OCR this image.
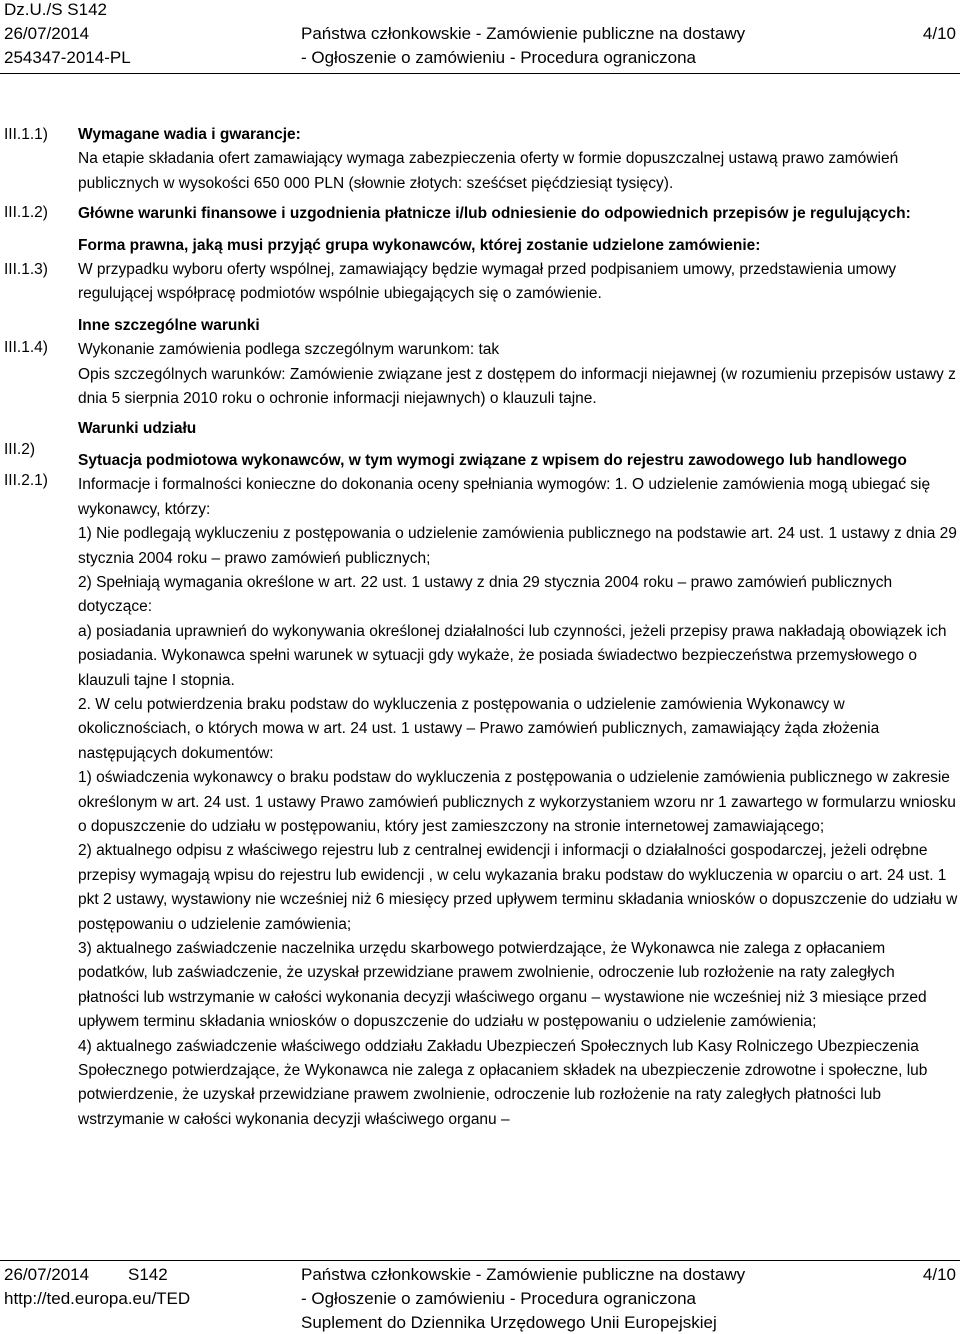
Dz.U./S S142
26/07/2014
254347-2014-PL
Państwa członkowskie - Zamówienie publiczne na dostawy
- Ogłoszenie o zamówieniu - Procedura ograniczona
4/10
III.1.1)
III.1.2)
III.1.3)
III.1.4)
III.2)
III.2.1)

Wymagane wadia i gwarancje:

Na etapie składania ofert zamawiający wymaga zabezpieczenia oferty w formie dopuszczalnej ustawą prawo zamówień publicznych w wysokości 650 000 PLN (słownie złotych: sześćset pięćdziesiąt tysięcy).

Główne warunki finansowe i uzgodnienia płatnicze i/lub odniesienie do odpowiednich przepisów je regulujących:

Forma prawna, jaką musi przyjąć grupa wykonawców, której zostanie udzielone zamówienie:

W przypadku wyboru oferty wspólnej, zamawiający będzie wymagał przed podpisaniem umowy, przedstawienia umowy regulującej współpracę podmiotów wspólnie ubiegających się o zamówienie.

Inne szczególne warunki

Wykonanie zamówienia podlega szczególnym warunkom: tak

Opis szczególnych warunków: Zamówienie związane jest z dostępem do informacji niejawnej (w rozumieniu przepisów ustawy z dnia 5 sierpnia 2010 roku o ochronie informacji niejawnych) o klauzuli tajne.

Warunki udziału

Sytuacja podmiotowa wykonawców, w tym wymogi związane z wpisem do rejestru zawodowego lub handlowego

Informacje i formalności konieczne do dokonania oceny spełniania wymogów: 1. O udzielenie zamówienia mogą ubiegać się wykonawcy, którzy:

1) Nie podlegają wykluczeniu z postępowania o udzielenie zamówienia publicznego na podstawie art. 24 ust. 1 ustawy z dnia 29 stycznia 2004 roku – prawo zamówień publicznych;

2) Spełniają wymagania określone w art. 22 ust. 1 ustawy z dnia 29 stycznia 2004 roku – prawo zamówień publicznych dotyczące:

a) posiadania uprawnień do wykonywania określonej działalności lub czynności, jeżeli przepisy prawa nakładają obowiązek ich posiadania. Wykonawca spełni warunek w sytuacji gdy wykaże, że posiada świadectwo bezpieczeństwa przemysłowego o klauzuli tajne I stopnia.

2. W celu potwierdzenia braku podstaw do wykluczenia z postępowania o udzielenie zamówienia Wykonawcy w okolicznościach, o których mowa w art. 24 ust. 1 ustawy – Prawo zamówień publicznych, zamawiający żąda złożenia następujących dokumentów:

1) oświadczenia wykonawcy o braku podstaw do wykluczenia z postępowania o udzielenie zamówienia publicznego w zakresie określonym w art. 24 ust. 1 ustawy Prawo zamówień publicznych z wykorzystaniem wzoru nr 1 zawartego w formularzu wniosku o dopuszczenie do udziału w postępowaniu, który jest zamieszczony na stronie internetowej zamawiającego;

2) aktualnego odpisu z właściwego rejestru lub z centralnej ewidencji i informacji o działalności gospodarczej, jeżeli odrębne przepisy wymagają wpisu do rejestru lub ewidencji , w celu wykazania braku podstaw do wykluczenia w oparciu o art. 24 ust. 1 pkt 2 ustawy, wystawiony nie wcześniej niż 6 miesięcy przed upływem terminu składania wniosków o dopuszczenie do udziału w postępowaniu o udzielenie zamówienia;

3) aktualnego zaświadczenie naczelnika urzędu skarbowego potwierdzające, że Wykonawca nie zalega z opłacaniem podatków, lub zaświadczenie, że uzyskał przewidziane prawem zwolnienie, odroczenie lub rozłożenie na raty zaległych płatności lub wstrzymanie w całości wykonania decyzji właściwego organu – wystawione nie wcześniej niż 3 miesiące przed upływem terminu składania wniosków o dopuszczenie do udziału w postępowaniu o udzielenie zamówienia;

4) aktualnego zaświadczenie właściwego oddziału Zakładu Ubezpieczeń Społecznych lub Kasy Rolniczego Ubezpieczenia Społecznego potwierdzające, że Wykonawca nie zalega z opłacaniem składek na ubezpieczenie zdrowotne i społeczne, lub potwierdzenie, że uzyskał przewidziane prawem zwolnienie, odroczenie lub rozłożenie na raty zaległych płatności lub wstrzymanie w całości wykonania decyzji właściwego organu –

26/07/2014 S142
http://ted.europa.eu/TED
Państwa członkowskie - Zamówienie publiczne na dostawy
- Ogłoszenie o zamówieniu - Procedura ograniczona
Suplement do Dziennika Urzędowego Unii Europejskiej
4/10
